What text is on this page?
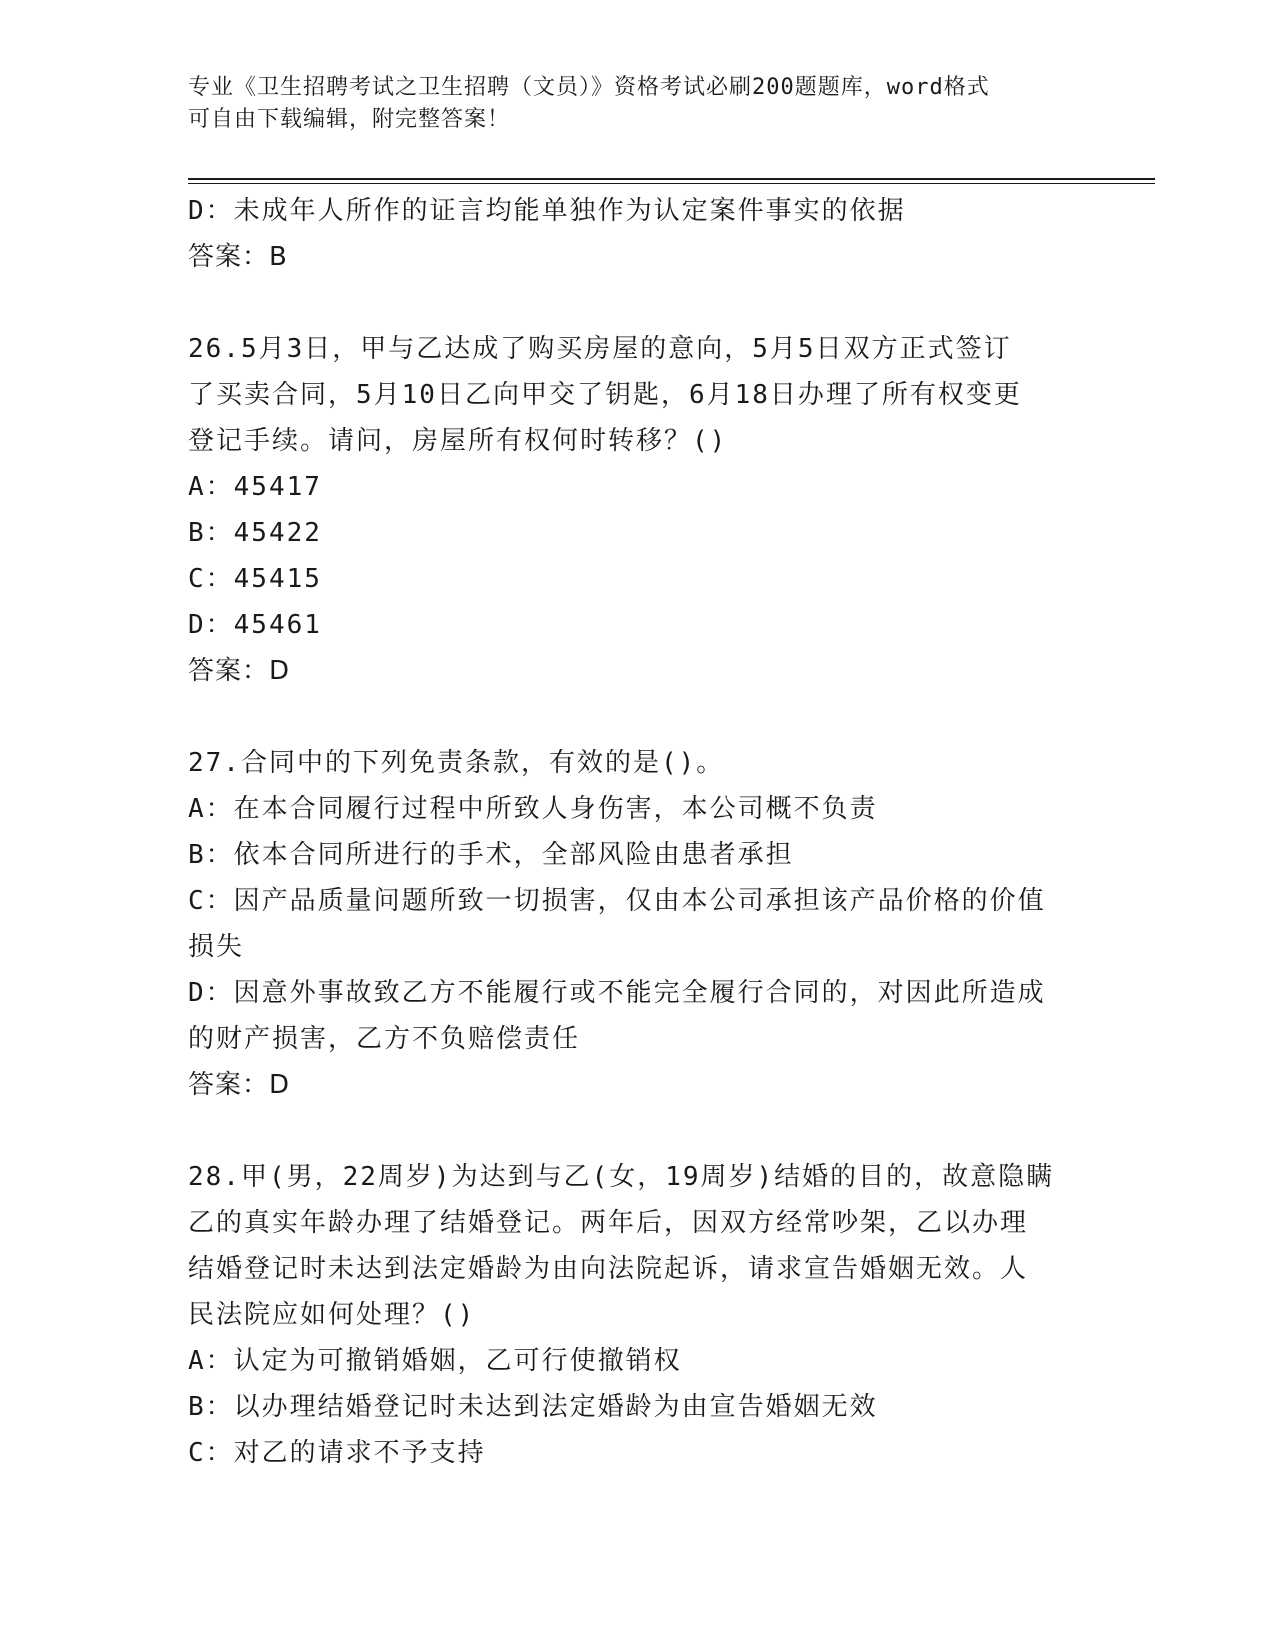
专业《卫生招聘考试之卫生招聘（文员）》资格考试必刷200题题库，word格式
可自由下载编辑，附完整答案！
D：未成年人所作的证言均能单独作为认定案件事实的依据
答案：B
26.5月3日，甲与乙达成了购买房屋的意向，5月5日双方正式签订
了买卖合同，5月10日乙向甲交了钥匙，6月18日办理了所有权变更
登记手续。请问，房屋所有权何时转移？()
A：45417
B：45422
C：45415
D：45461
答案：D
27.合同中的下列免责条款，有效的是()。
A：在本合同履行过程中所致人身伤害，本公司概不负责
B：依本合同所进行的手术，全部风险由患者承担
C：因产品质量问题所致一切损害，仅由本公司承担该产品价格的价值
损失
D：因意外事故致乙方不能履行或不能完全履行合同的，对因此所造成
的财产损害，乙方不负赔偿责任
答案：D
28.甲(男，22周岁)为达到与乙(女，19周岁)结婚的目的，故意隐瞒
乙的真实年龄办理了结婚登记。两年后，因双方经常吵架，乙以办理
结婚登记时未达到法定婚龄为由向法院起诉，请求宣告婚姻无效。人
民法院应如何处理？()
A：认定为可撤销婚姻，乙可行使撤销权
B：以办理结婚登记时未达到法定婚龄为由宣告婚姻无效
C：对乙的请求不予支持
